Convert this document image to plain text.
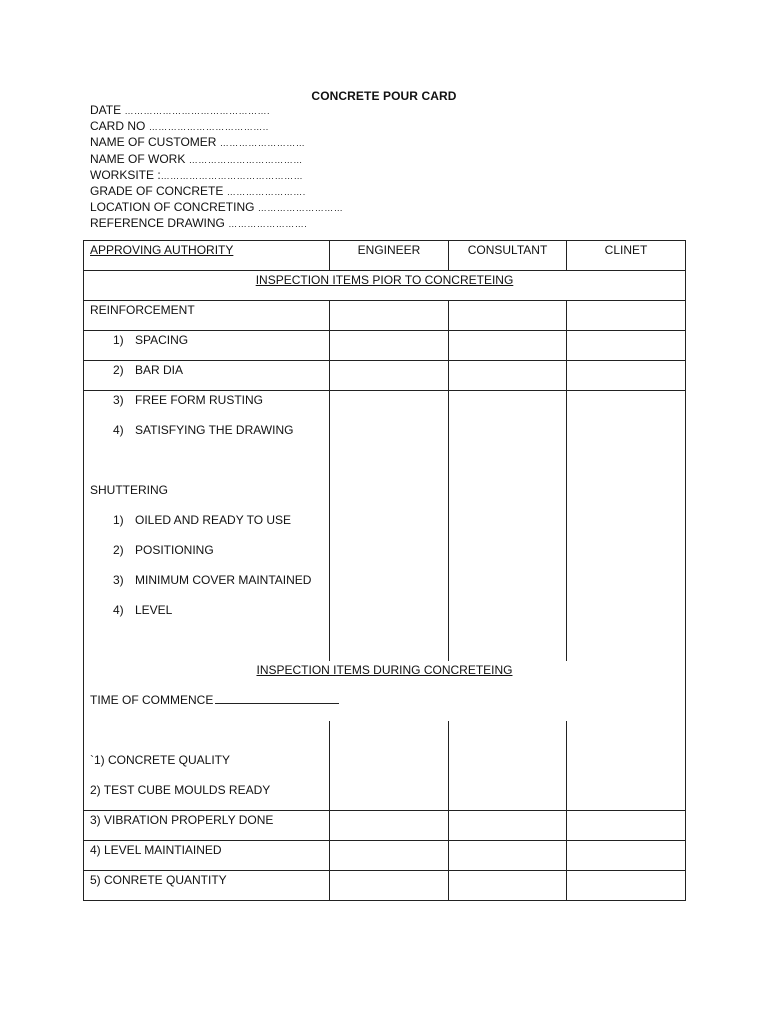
CONCRETE POUR CARD
DATE ……………………………………….
CARD NO ………………………………..
NAME OF CUSTOMER ………………………
NAME OF WORK ………………………………
WORKSITE :………………………………………
GRADE OF CONCRETE …………………….
LOCATION OF CONCRETING ………………………
REFERENCE DRAWING …………………….
APPROVING AUTHORITY	ENGINEER	CONSULTANT	CLINET
INSPECTION ITEMS PIOR TO CONCRETEING			
REINFORCEMENT			
1) SPACING			
2) BAR DIA			
3) FREE FORM RUSTING			
4) SATISFYING THE DRAWING			

SHUTTERING			
1) OILED AND READY TO USE			
2) POSITIONING			
3) MINIMUM COVER MAINTAINED			
4) LEVEL			

INSPECTION ITEMS DURING CONCRETEING			
TIME OF COMMENCE			

`1) CONCRETE QUALITY			
2) TEST CUBE MOULDS READY			
3) VIBRATION PROPERLY DONE			
4) LEVEL MAINTIAINED			
5) CONRETE QUANTITY			
